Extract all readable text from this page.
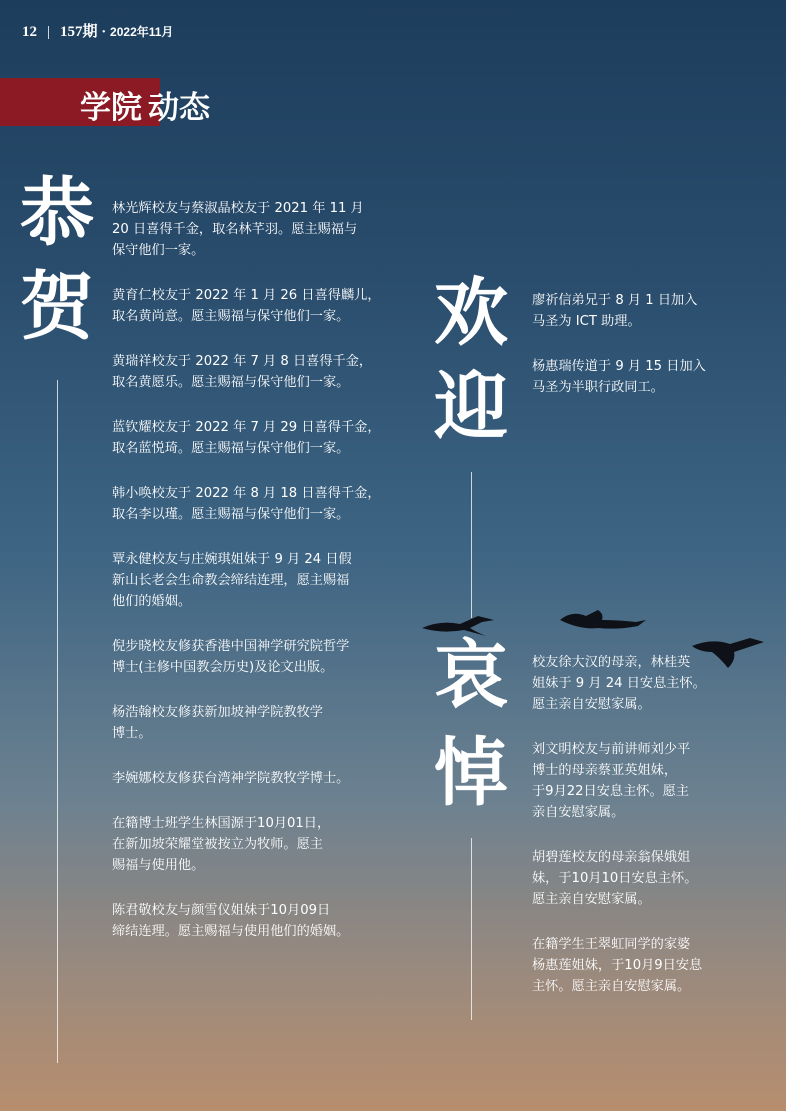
12 | 157期 · 2022年11月
学院 动态
恭
贺

林光辉校友与蔡淑晶校友于 2021 年 11 月
20 日喜得千金，取名林芊羽。愿主赐福与
保守他们一家。

黄育仁校友于 2022 年 1 月 26 日喜得麟儿，
取名黄尚意。愿主赐福与保守他们一家。

黄瑞祥校友于 2022 年 7 月 8 日喜得千金，
取名黄愿乐。愿主赐福与保守他们一家。

蓝钦耀校友于 2022 年 7 月 29 日喜得千金，
取名蓝悦琦。愿主赐福与保守他们一家。

韩小唤校友于 2022 年 8 月 18 日喜得千金，
取名李以瑾。愿主赐福与保守他们一家。

覃永健校友与庄婉琪姐妹于 9 月 24 日假
新山长老会生命教会缔结连理，愿主赐福
他们的婚姻。

倪步晓校友修获香港中国神学研究院哲学
博士(主修中国教会历史)及论文出版。

杨浩翰校友修获新加坡神学院教牧学
博士。

李婉娜校友修获台湾神学院教牧学博士。

在籍博士班学生林国源于10月01日，
在新加坡荣耀堂被按立为牧师。愿主
赐福与使用他。

陈君敬校友与颜雪仪姐妹于10月09日
缔结连理。愿主赐福与使用他们的婚姻。

欢
迎

廖祈信弟兄于 8 月 1 日加入
马圣为 ICT 助理。

杨惠瑞传道于 9 月 15 日加入
马圣为半职行政同工。

哀
悼

校友徐大汉的母亲，林桂英
姐妹于 9 月 24 日安息主怀。
愿主亲自安慰家属。

刘文明校友与前讲师刘少平
博士的母亲蔡亚英姐妹，
于9月22日安息主怀。愿主
亲自安慰家属。

胡碧莲校友的母亲翁保娥姐
妹，于10月10日安息主怀。
愿主亲自安慰家属。

在籍学生王翠虹同学的家婆
杨惠莲姐妹，于10月9日安息
主怀。愿主亲自安慰家属。
